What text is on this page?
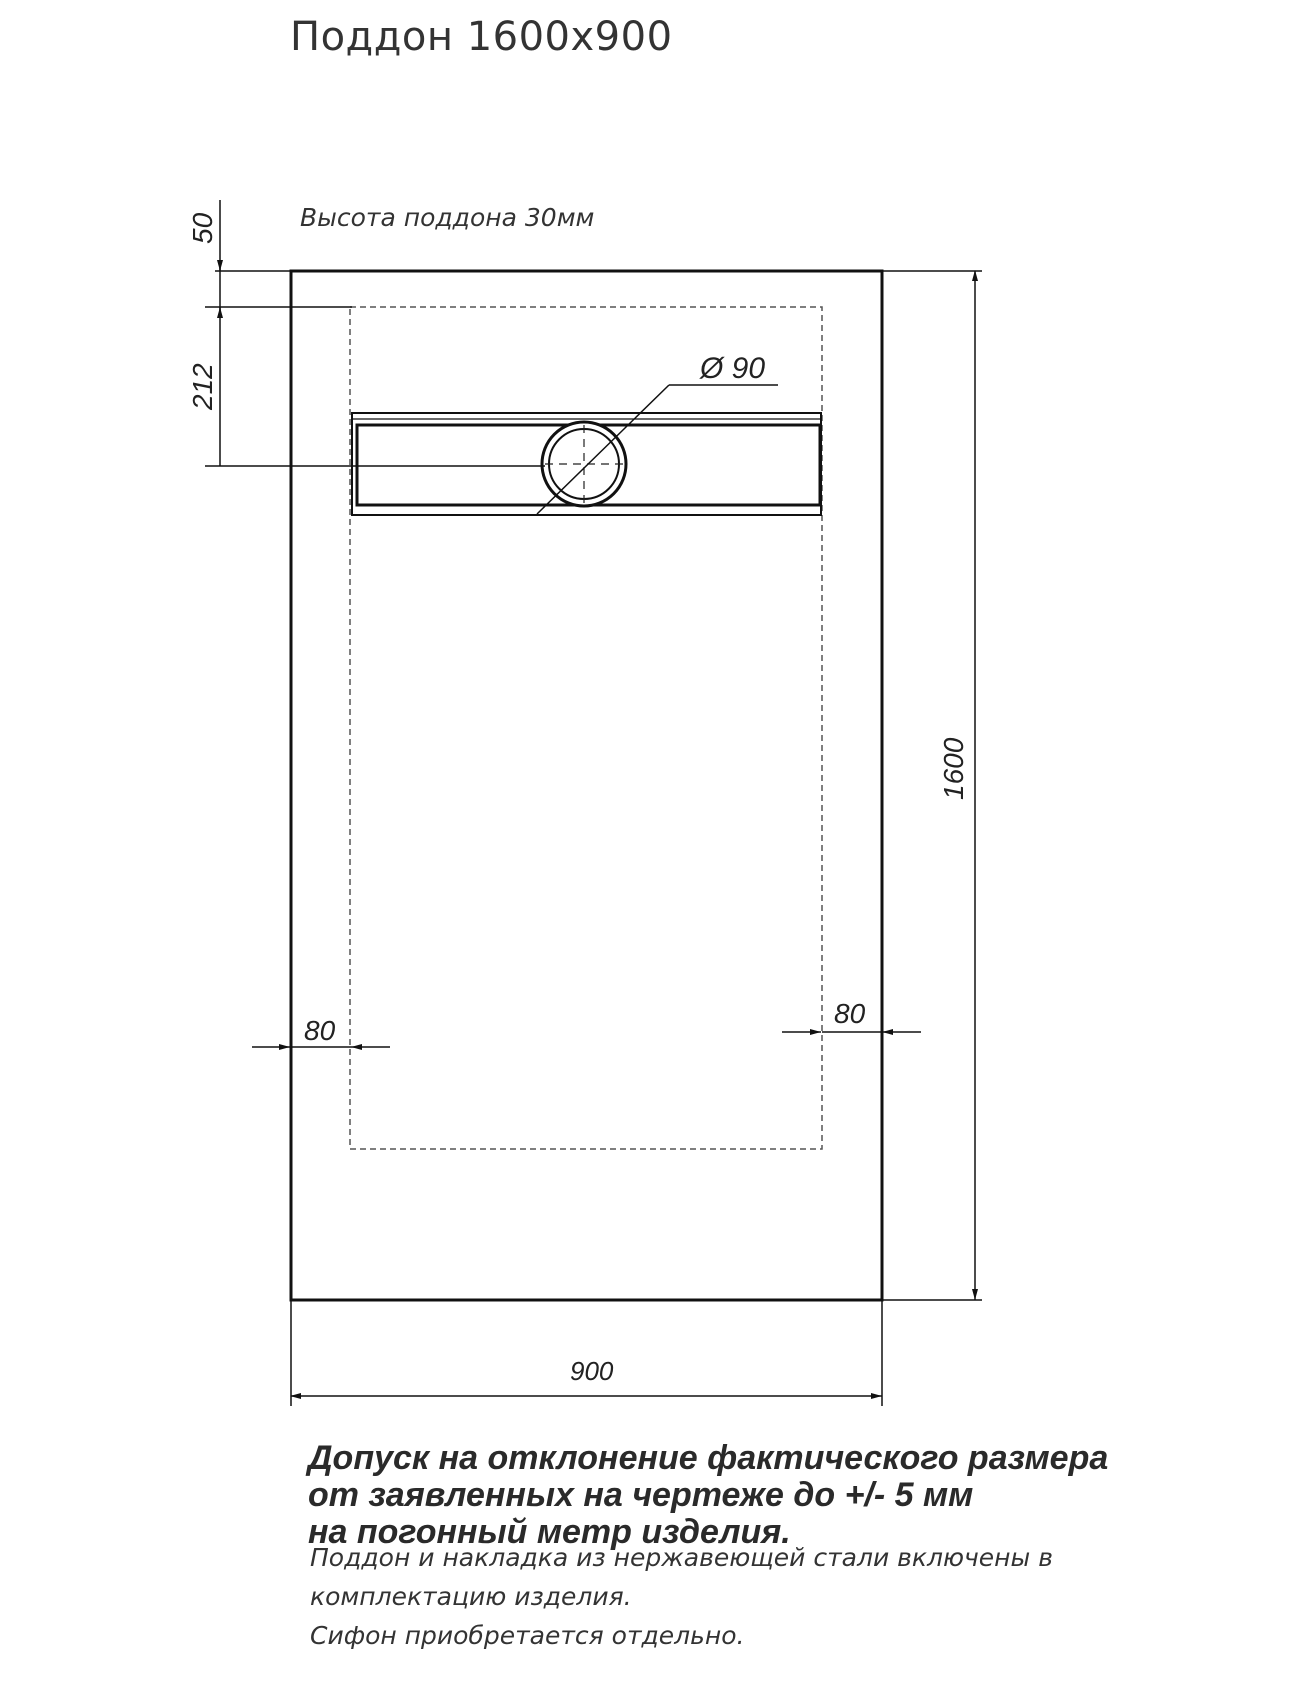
Поддон 1600х900
Ø 90
50
212
1600
900
80
80
Высота поддона 30мм
Допуск на отклонение фактического размера
от заявленных на чертеже до +/- 5 мм
на погонный метр изделия.
Поддон и накладка из нержавеющей стали включены в
комплектацию изделия.
Сифон приобретается отдельно.
